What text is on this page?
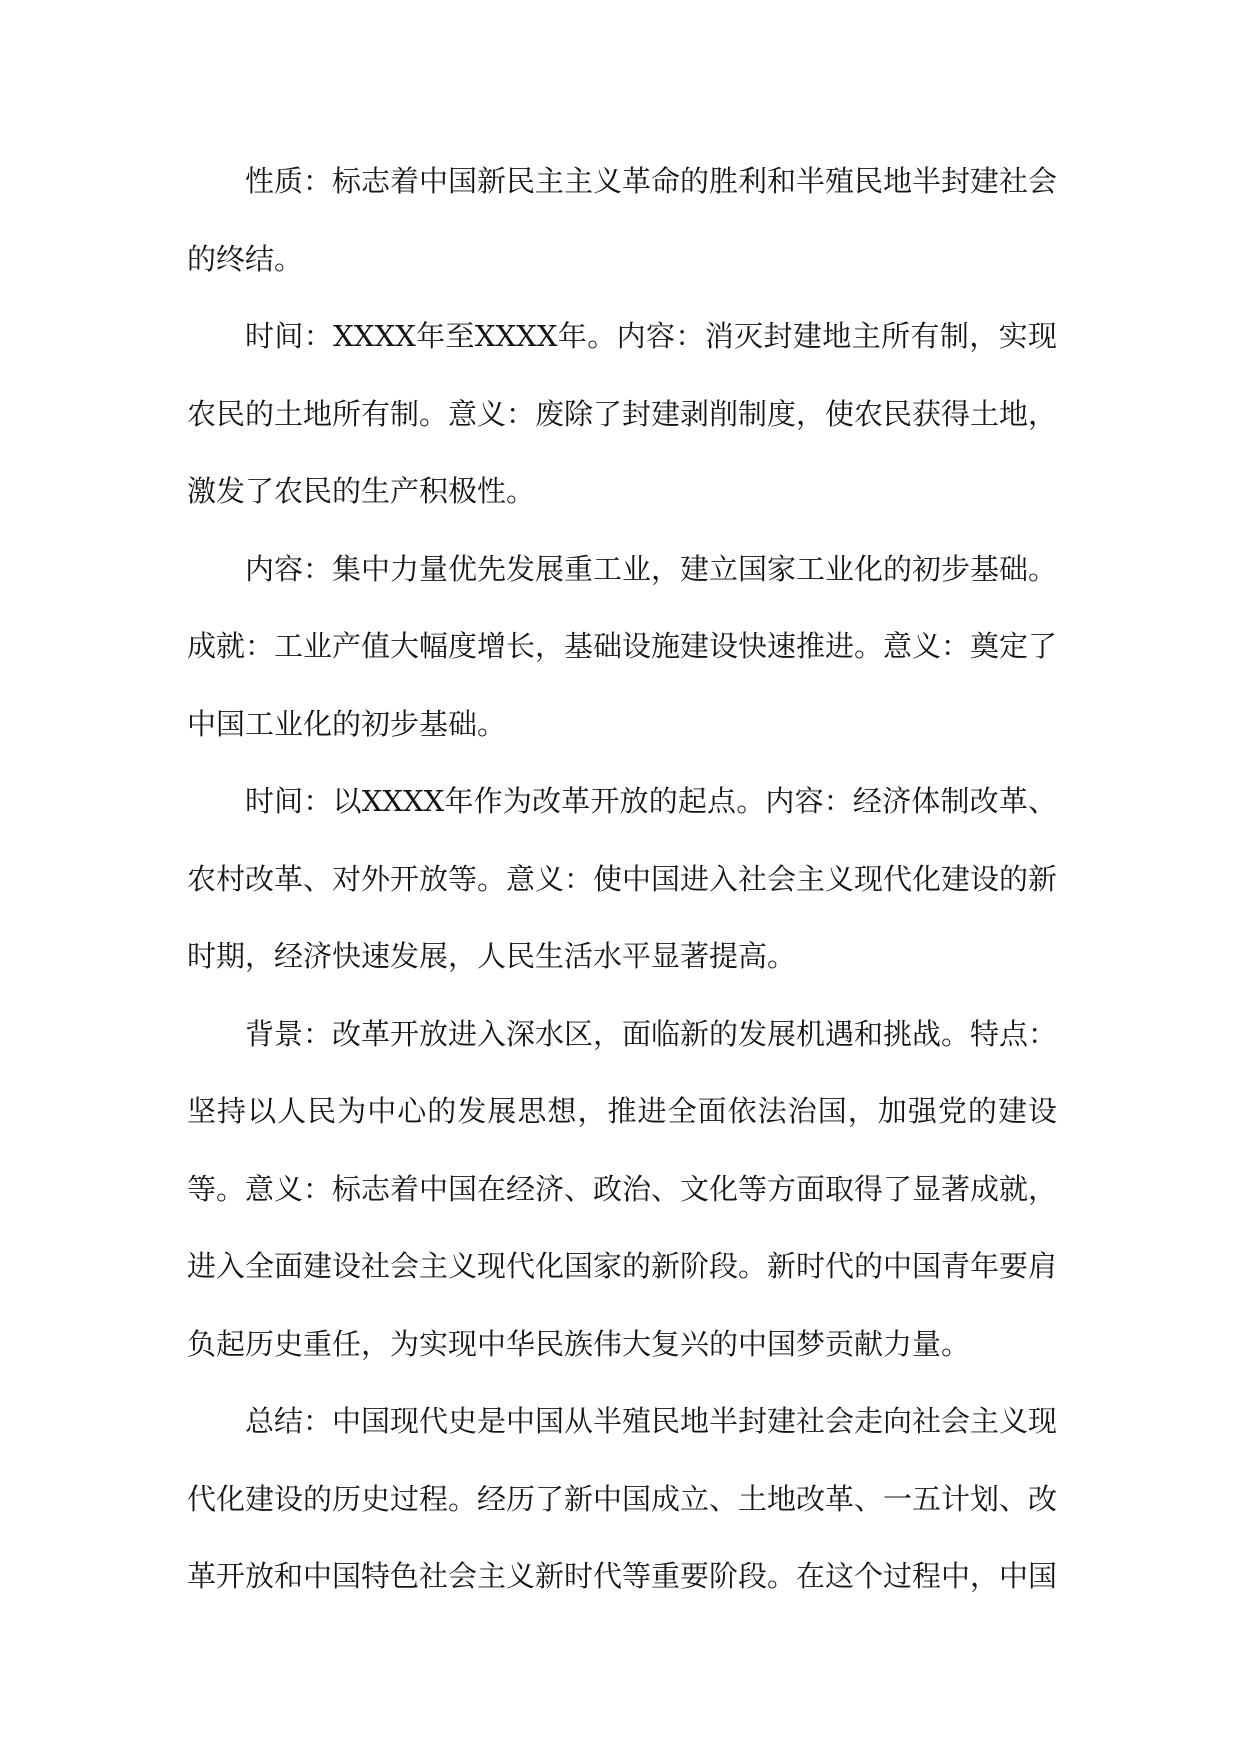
性质：标志着中国新民主主义革命的胜利和半殖民地半封建社会的终结。

时间：XXXX年至XXXX年。内容：消灭封建地主所有制，实现农民的土地所有制。意义：废除了封建剥削制度，使农民获得土地，激发了农民的生产积极性。

内容：集中力量优先发展重工业，建立国家工业化的初步基础。成就：工业产值大幅度增长，基础设施建设快速推进。意义：奠定了中国工业化的初步基础。

时间：以XXXX年作为改革开放的起点。内容：经济体制改革、农村改革、对外开放等。意义：使中国进入社会主义现代化建设的新时期，经济快速发展，人民生活水平显著提高。

背景：改革开放进入深水区，面临新的发展机遇和挑战。特点：坚持以人民为中心的发展思想，推进全面依法治国，加强党的建设等。意义：标志着中国在经济、政治、文化等方面取得了显著成就，进入全面建设社会主义现代化国家的新阶段。新时代的中国青年要肩负起历史重任，为实现中华民族伟大复兴的中国梦贡献力量。

总结：中国现代史是中国从半殖民地半封建社会走向社会主义现代化建设的历史过程。经历了新中国成立、土地改革、一五计划、改革开放和中国特色社会主义新时代等重要阶段。在这个过程中，中国
